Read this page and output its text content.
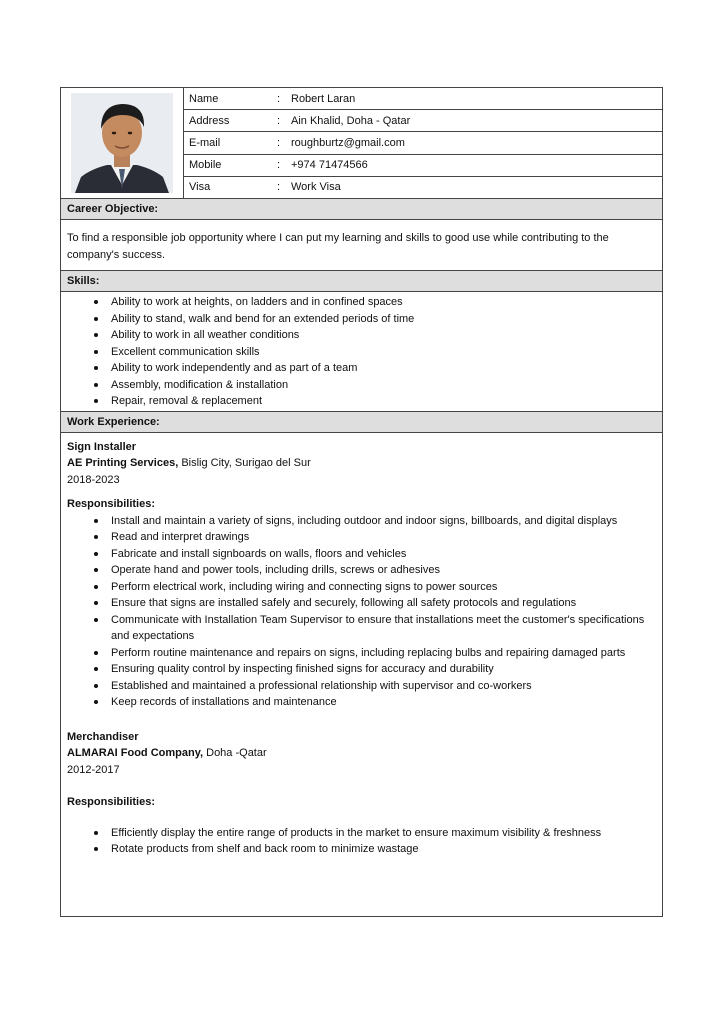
Name	: Robert Laran
Address	: Ain Khalid, Doha - Qatar
E-mail	: roughburtz@gmail.com
Mobile	: +974 71474566
Visa	: Work Visa
Career Objective:
To find a responsible job opportunity where I can put my learning and skills to good use while contributing to the company's success.
Skills:
Ability to work at heights, on ladders and in confined spaces
Ability to stand, walk and bend for an extended periods of time
Ability to work in all weather conditions
Excellent communication skills
Ability to work independently and as part of a team
Assembly, modification & installation
Repair, removal & replacement
Work Experience:
Sign Installer
AE Printing Services, Bislig City, Surigao del Sur
2018-2023
Responsibilities:
Install and maintain a variety of signs, including outdoor and indoor signs, billboards, and digital displays
Read and interpret drawings
Fabricate and install signboards on walls, floors and vehicles
Operate hand and power tools, including drills, screws or adhesives
Perform electrical work, including wiring and connecting signs to power sources
Ensure that signs are installed safely and securely, following all safety protocols and regulations
Communicate with Installation Team Supervisor to ensure that installations meet the customer's specifications and expectations
Perform routine maintenance and repairs on signs, including replacing bulbs and repairing damaged parts
Ensuring quality control by inspecting finished signs for accuracy and durability
Established and maintained a professional relationship with supervisor and co-workers
Keep records of installations and maintenance
Merchandiser
ALMARAI Food Company, Doha -Qatar
2012-2017
Responsibilities:
Efficiently display the entire range of products in the market to ensure maximum visibility & freshness
Rotate products from shelf and back room to minimize wastage
